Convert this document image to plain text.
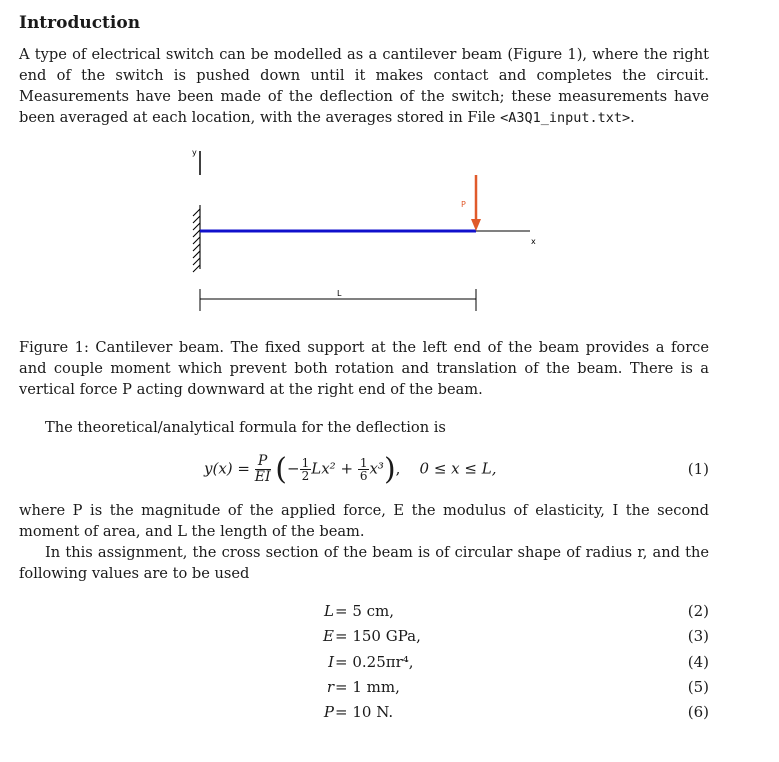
Introduction

A type of electrical switch can be modelled as a cantilever beam (Figure 1), where the right end of the switch is pushed down until it makes contact and completes the circuit. Measurements have been made of the deflection of the switch; these measurements have been averaged at each location, with the averages stored in File <A3Q1_input.txt>.

y
x
P
L

Figure 1: Cantilever beam. The fixed support at the left end of the beam provides a force and couple moment which prevent both rotation and translation of the beam. There is a vertical force P acting downward at the right end of the beam.

The theoretical/analytical formula for the deflection is

$y(x) = \frac{P}{EI}$ (− $\frac{1}{2} Lx^2 + \frac{1}{6} x^3$), 0 ≤ x ≤ L,	(1)

where P is the magnitude of the applied force, E the modulus of elasticity, I the second moment of area, and L the length of the beam.

In this assignment, the cross section of the beam is of circular shape of radius r, and the following values are to be used

L = 5 cm,	(2)
E = 150 GPa,	(3)
I = 0.25πr⁴,	(4)
r = 1 mm,	(5)
P = 10 N.	(6)
